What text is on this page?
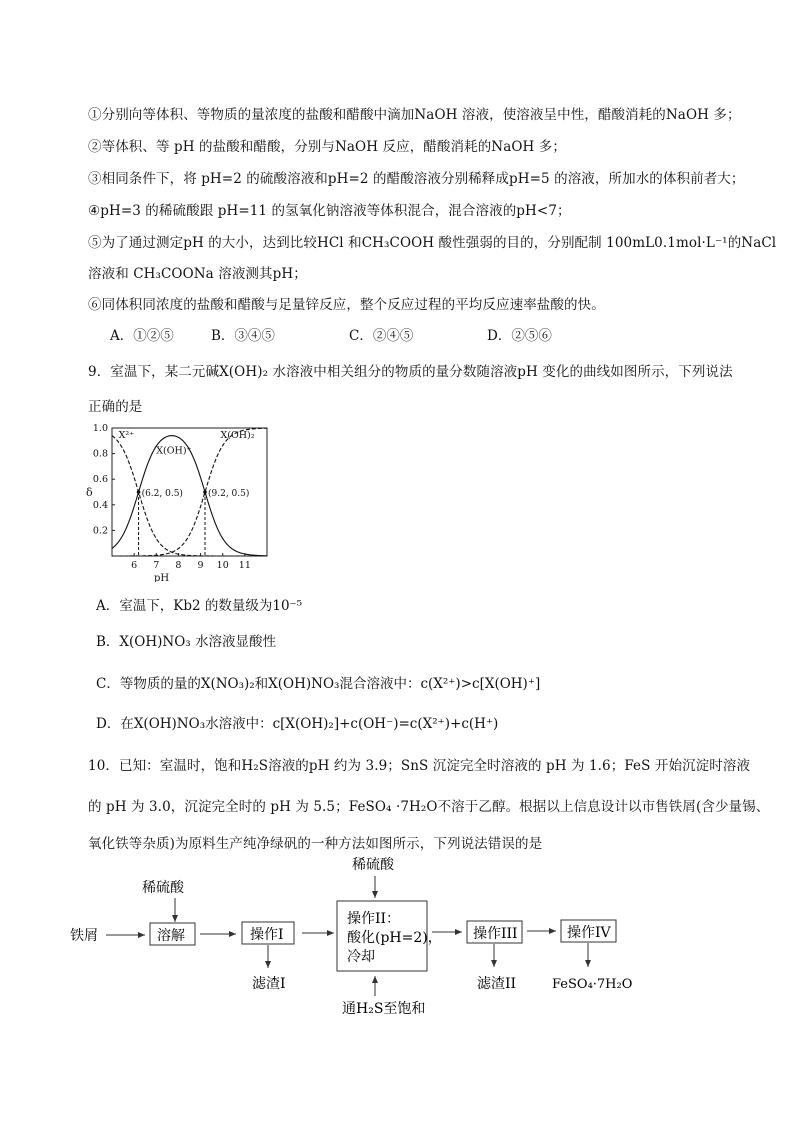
①分别向等体积、等物质的量浓度的盐酸和醋酸中滴加NaOH 溶液，使溶液呈中性，醋酸消耗的NaOH 多；
②等体积、等 pH 的盐酸和醋酸，分别与NaOH 反应，醋酸消耗的NaOH 多；
③相同条件下，将 pH=2 的硫酸溶液和pH=2 的醋酸溶液分别稀释成pH=5 的溶液，所加水的体积前者大；
④pH=3 的稀硫酸跟 pH=11 的氢氧化钠溶液等体积混合，混合溶液的pH<7；
⑤为了通过测定pH 的大小，达到比较HCl 和CH₃COOH 酸性强弱的目的，分别配制 100mL0.1mol·L⁻¹的NaCl
溶液和 CH₃COONa 溶液测其pH；
⑥同体积同浓度的盐酸和醋酸与足量锌反应，整个反应过程的平均反应速率盐酸的快。
A．①②⑤	B．③④⑤	C．②④⑤	D．②⑤⑥
9．室温下，某二元碱X(OH)₂ 水溶液中相关组分的物质的量分数随溶液pH 变化的曲线如图所示，下列说法
正确的是
0.2
0.4
0.6
0.8
1.0
6 7 8 9 10 11
pH
δ
X²⁺
X(OH)⁺
X(OH)₂
(6.2, 0.5)	(9.2, 0.5)
A．室温下，Kb2 的数量级为10⁻⁵
B．X(OH)NO₃ 水溶液显酸性
C．等物质的量的X(NO₃)₂和X(OH)NO₃混合溶液中：c(X²⁺)>c[X(OH)⁺]
D．在X(OH)NO₃水溶液中：c[X(OH)₂]+c(OH⁻)=c(X²⁺)+c(H⁺)
10．已知：室温时，饱和H₂S溶液的pH 约为 3.9；SnS 沉淀完全时溶液的 pH 为 1.6；FeS 开始沉淀时溶液
的 pH 为 3.0，沉淀完全时的 pH 为 5.5；FeSO₄ ·7H₂O不溶于乙醇。根据以上信息设计以市售铁屑(含少量锡、
氧化铁等杂质)为原料生产纯净绿矾的一种方法如图所示，下列说法错误的是
铁屑
稀硫酸
溶解	操作I
滤渣I
稀硫酸
操作II：
酸化(pH=2)，
冷却
通H₂S至饱和
操作III
滤渣II
操作IV
FeSO₄·7H₂O
